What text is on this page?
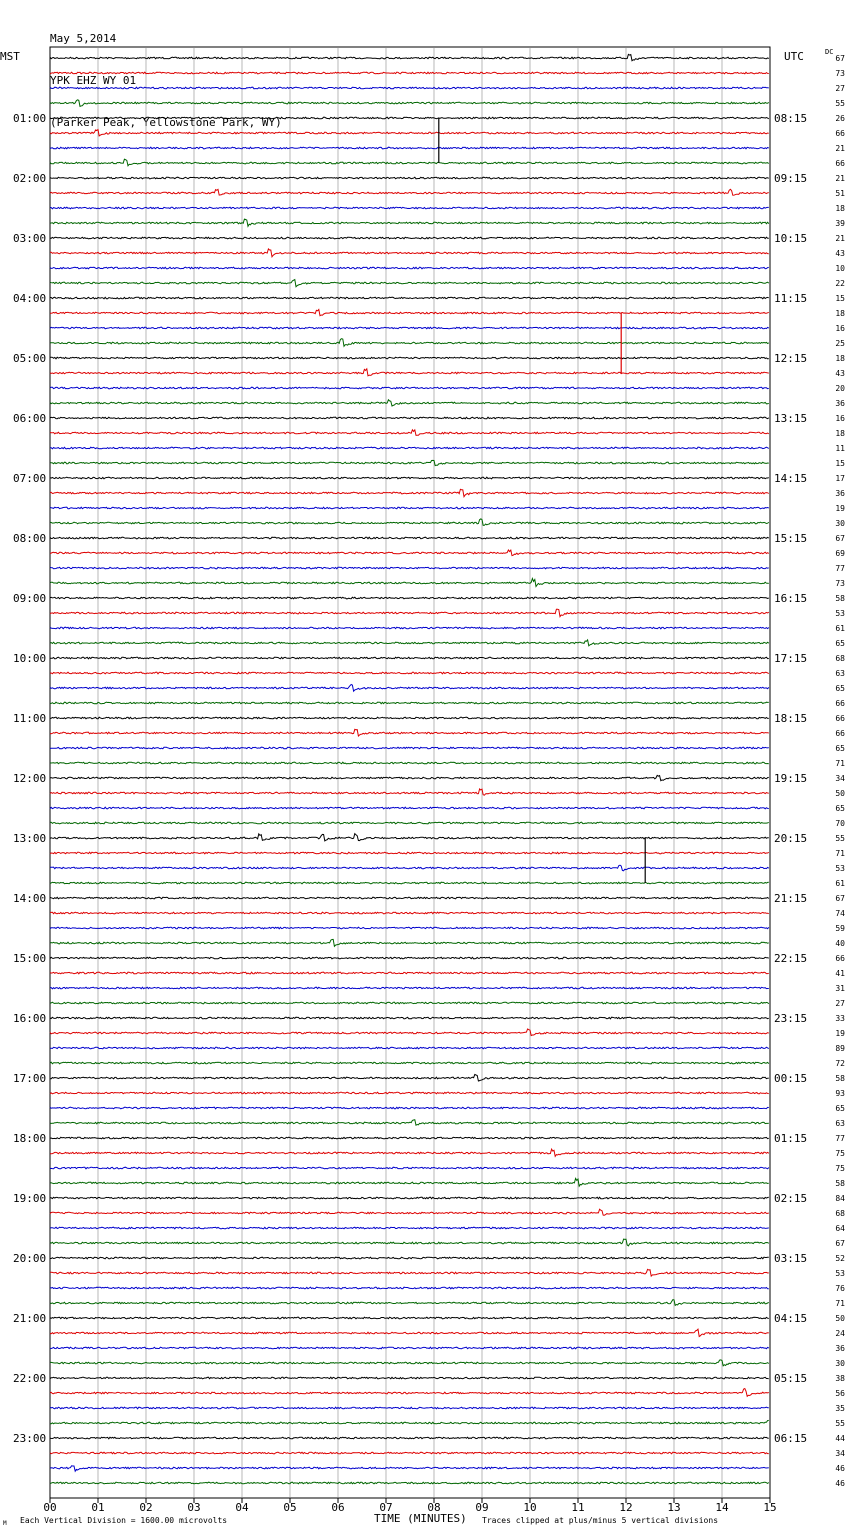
May 5,2014

YPK EHZ WY 01

(Parker Peak, Yellowstone Park, WY)

MST	UTC	DC
01:00
02:00
03:00
04:00
05:00
06:00
07:00
08:00
09:00
10:00
11:00
12:00
13:00
14:00
15:00
16:00
17:00
18:00
19:00
20:00
21:00
22:00
23:00
08:15
09:15
10:15
11:15
12:15
13:15
14:15
15:15
16:15
17:15
18:15
19:15
20:15
21:15
22:15
23:15
00:15
01:15
02:15
03:15
04:15
05:15
06:15
67
73
27
55
26
66
21
66
21
51
18
39
21
43
10
22
15
18
16
25
18
43
20
36
16
18
11
15
17
36
19
30
67
69
77
73
58
53
61
65
68
63
65
66
66
66
65
71
34
50
65
70
55
71
53
61
67
74
59
40
66
41
31
27
33
19
89
72
58
93
65
63
77
75
75
58
84
68
64
67
52
53
76
71
50
24
36
30
38
56
35
55
44
34
46
46
00	01	02	03	04	05	06	07	08	09	10	11	12	13	14	15
Each Vertical Division = 1600.00 microvolts	TIME (MINUTES) Traces clipped at plus/minus 5 vertical divisions
M
